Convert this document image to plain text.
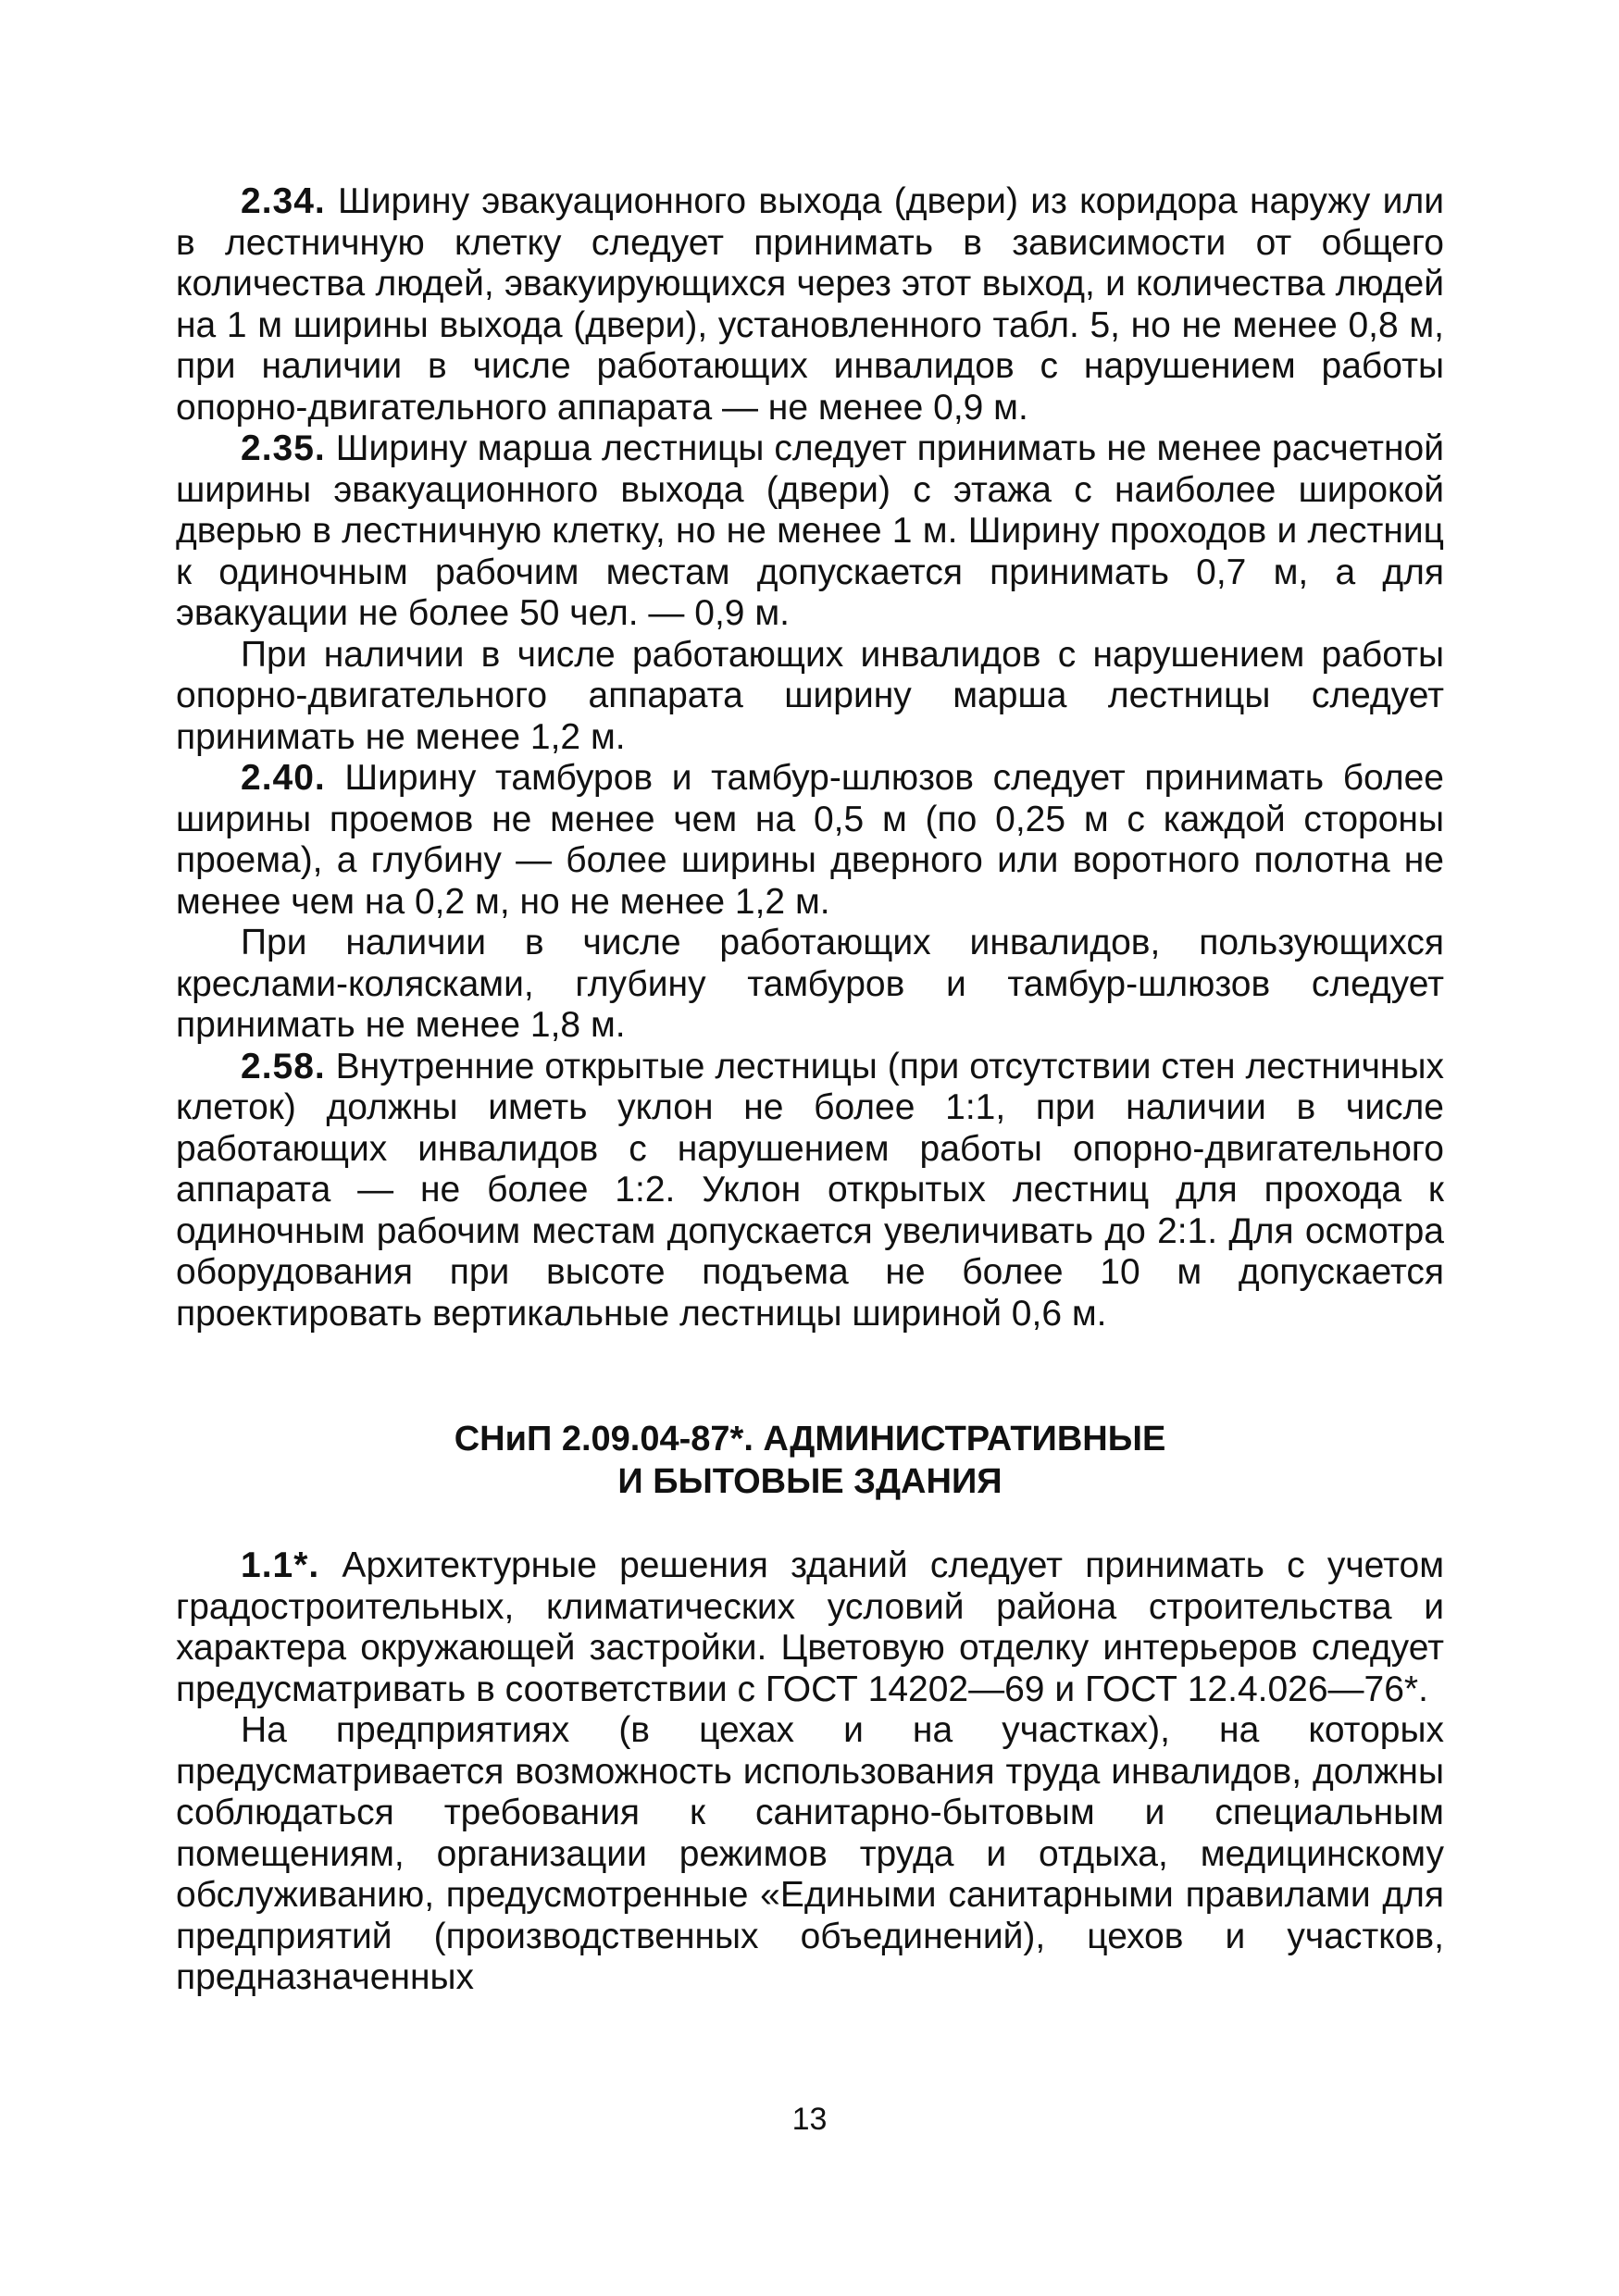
2.34. Ширину эвакуационного выхода (двери) из коридора наружу или в лестничную клетку следует принимать в зависимости от общего количества людей, эвакуирующихся через этот выход, и количества людей на 1 м ширины выхода (двери), установленного табл. 5, но не менее 0,8 м, при наличии в числе работающих инвалидов с нарушением работы опорно-двигательного аппарата — не менее 0,9 м.

2.35. Ширину марша лестницы следует принимать не менее расчетной ширины эвакуационного выхода (двери) с этажа с наиболее широкой дверью в лестничную клетку, но не менее 1 м. Ширину проходов и лестниц к одиночным рабочим местам допускается принимать 0,7 м, а для эвакуации не более 50 чел. — 0,9 м.

При наличии в числе работающих инвалидов с нарушением работы опорно-двигательного аппарата ширину марша лестницы следует принимать не менее 1,2 м.

2.40. Ширину тамбуров и тамбур-шлюзов следует принимать более ширины проемов не менее чем на 0,5 м (по 0,25 м с каждой стороны проема), а глубину — более ширины дверного или воротного полотна не менее чем на 0,2 м, но не менее 1,2 м.

При наличии в числе работающих инвалидов, пользующихся креслами-колясками, глубину тамбуров и тамбур-шлюзов следует принимать не менее 1,8 м.

2.58. Внутренние открытые лестницы (при отсутствии стен лестничных клеток) должны иметь уклон не более 1:1, при наличии в числе работающих инвалидов с нарушением работы опорно-двигательного аппарата — не более 1:2. Уклон открытых лестниц для прохода к одиночным рабочим местам допускается увеличивать до 2:1. Для осмотра оборудования при высоте подъема не более 10 м допускается проектировать вертикальные лестницы шириной 0,6 м.

СНиП 2.09.04-87*. АДМИНИСТРАТИВНЫЕ
И БЫТОВЫЕ ЗДАНИЯ

1.1*. Архитектурные решения зданий следует принимать с учетом градостроительных, климатических условий района строительства и характера окружающей застройки. Цветовую отделку интерьеров следует предусматривать в соответствии с ГОСТ 14202—69 и ГОСТ 12.4.026—76*.

На предприятиях (в цехах и на участках), на которых предусматривается возможность использования труда инвалидов, должны соблюдаться требования к санитарно-бытовым и специальным помещениям, организации режимов труда и отдыха, медицинскому обслуживанию, предусмотренные «Едиными санитарными правилами для предприятий (производственных объединений), цехов и участков, предназначенных

13
